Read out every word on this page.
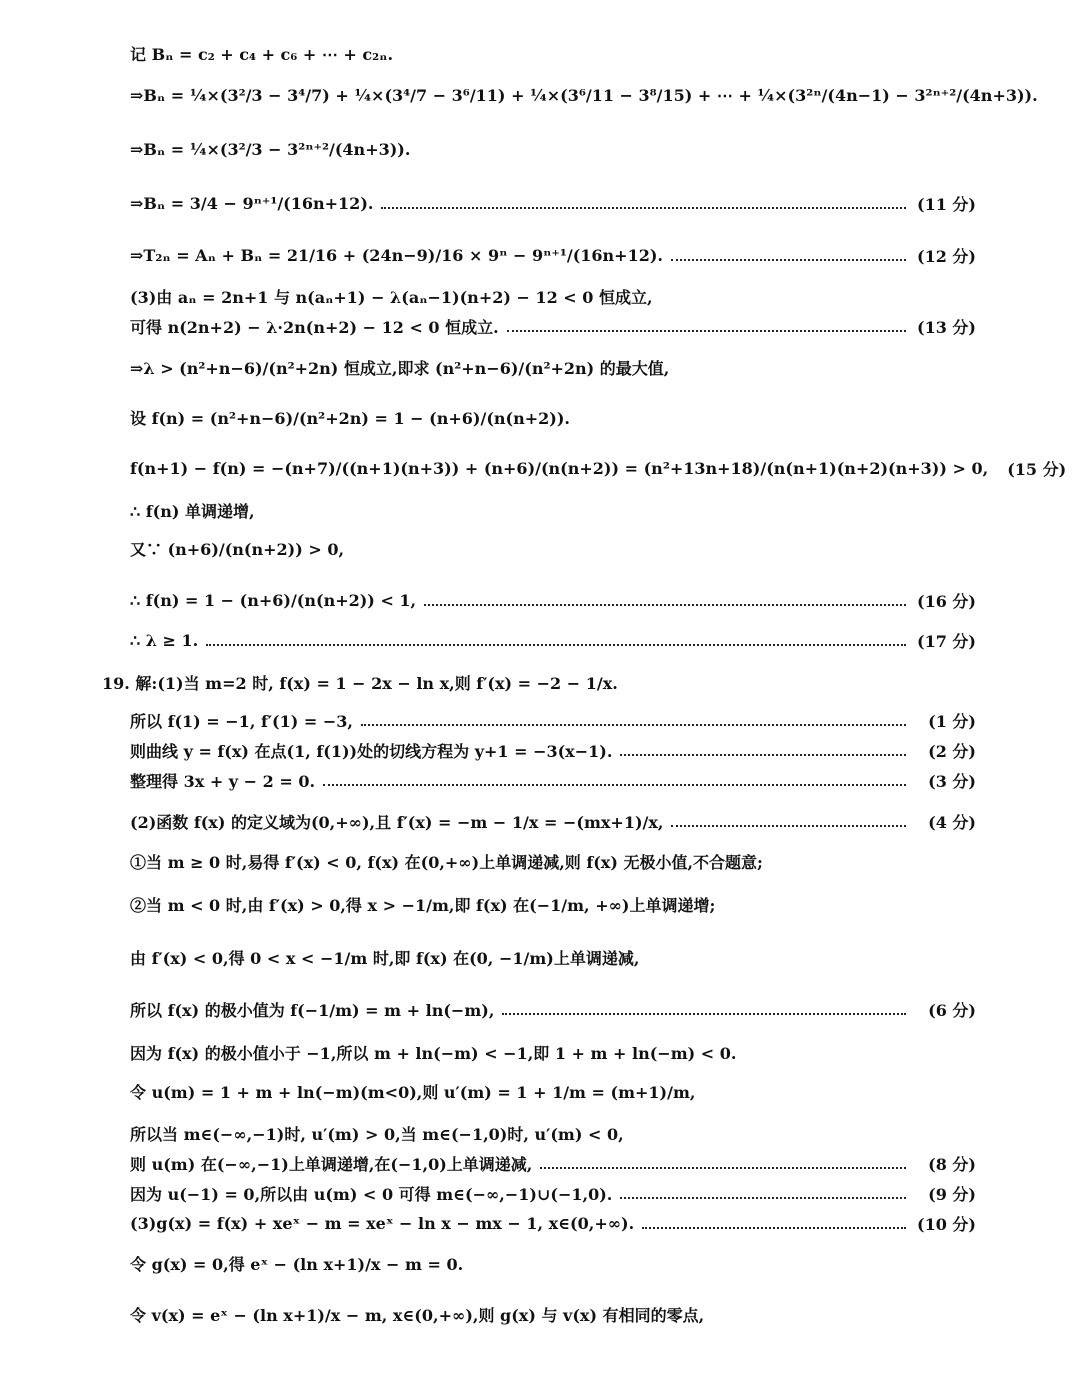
记 Bₙ = c₂ + c₄ + c₆ + ⋯ + c₂ₙ.
⇒Bₙ = ¼×(3²/3 − 3⁴/7) + ¼×(3⁴/7 − 3⁶/11) + ¼×(3⁶/11 − 3⁸/15) + ⋯ + ¼×(3²ⁿ/(4n−1) − 3²ⁿ⁺²/(4n+3)).
⇒Bₙ = ¼×(3²/3 − 3²ⁿ⁺²/(4n+3)).
⇒Bₙ = 3/4 − 9ⁿ⁺¹/(16n+12).	(11 分)
⇒T₂ₙ = Aₙ + Bₙ = 21/16 + (24n−9)/16 × 9ⁿ − 9ⁿ⁺¹/(16n+12).	(12 分)
(3)由 aₙ = 2n+1 与 n(aₙ+1) − λ(aₙ−1)(n+2) − 12 < 0 恒成立,
可得 n(2n+2) − λ·2n(n+2) − 12 < 0 恒成立.	(13 分)
⇒λ > (n²+n−6)/(n²+2n) 恒成立,即求 (n²+n−6)/(n²+2n) 的最大值,
设 f(n) = (n²+n−6)/(n²+2n) = 1 − (n+6)/(n(n+2)).
f(n+1) − f(n) = −(n+7)/((n+1)(n+3)) + (n+6)/(n(n+2)) = (n²+13n+18)/(n(n+1)(n+2)(n+3)) > 0, (15 分)
∴ f(n) 单调递增,
又∵ (n+6)/(n(n+2)) > 0,
∴ f(n) = 1 − (n+6)/(n(n+2)) < 1,	(16 分)
∴ λ ≥ 1.	(17 分)
19. 解:(1)当 m=2 时, f(x) = 1 − 2x − ln x,则 f′(x) = −2 − 1/x.
所以 f(1) = −1, f′(1) = −3,	(1 分)
则曲线 y = f(x) 在点(1, f(1))处的切线方程为 y+1 = −3(x−1).	(2 分)
整理得 3x + y − 2 = 0.	(3 分)
(2)函数 f(x) 的定义域为(0,+∞),且 f′(x) = −m − 1/x = −(mx+1)/x,	(4 分)
①当 m ≥ 0 时,易得 f′(x) < 0, f(x) 在(0,+∞)上单调递减,则 f(x) 无极小值,不合题意;
②当 m < 0 时,由 f′(x) > 0,得 x > −1/m,即 f(x) 在(−1/m, +∞)上单调递增;
由 f′(x) < 0,得 0 < x < −1/m 时,即 f(x) 在(0, −1/m)上单调递减,
所以 f(x) 的极小值为 f(−1/m) = m + ln(−m),	(6 分)
因为 f(x) 的极小值小于 −1,所以 m + ln(−m) < −1,即 1 + m + ln(−m) < 0.
令 u(m) = 1 + m + ln(−m)(m<0),则 u′(m) = 1 + 1/m = (m+1)/m,
所以当 m∈(−∞,−1)时, u′(m) > 0,当 m∈(−1,0)时, u′(m) < 0,
则 u(m) 在(−∞,−1)上单调递增,在(−1,0)上单调递减,	(8 分)
因为 u(−1) = 0,所以由 u(m) < 0 可得 m∈(−∞,−1)∪(−1,0).	(9 分)
(3)g(x) = f(x) + xeˣ − m = xeˣ − ln x − mx − 1, x∈(0,+∞).	(10 分)
令 g(x) = 0,得 eˣ − (ln x+1)/x − m = 0.
令 v(x) = eˣ − (ln x+1)/x − m, x∈(0,+∞),则 g(x) 与 v(x) 有相同的零点,
